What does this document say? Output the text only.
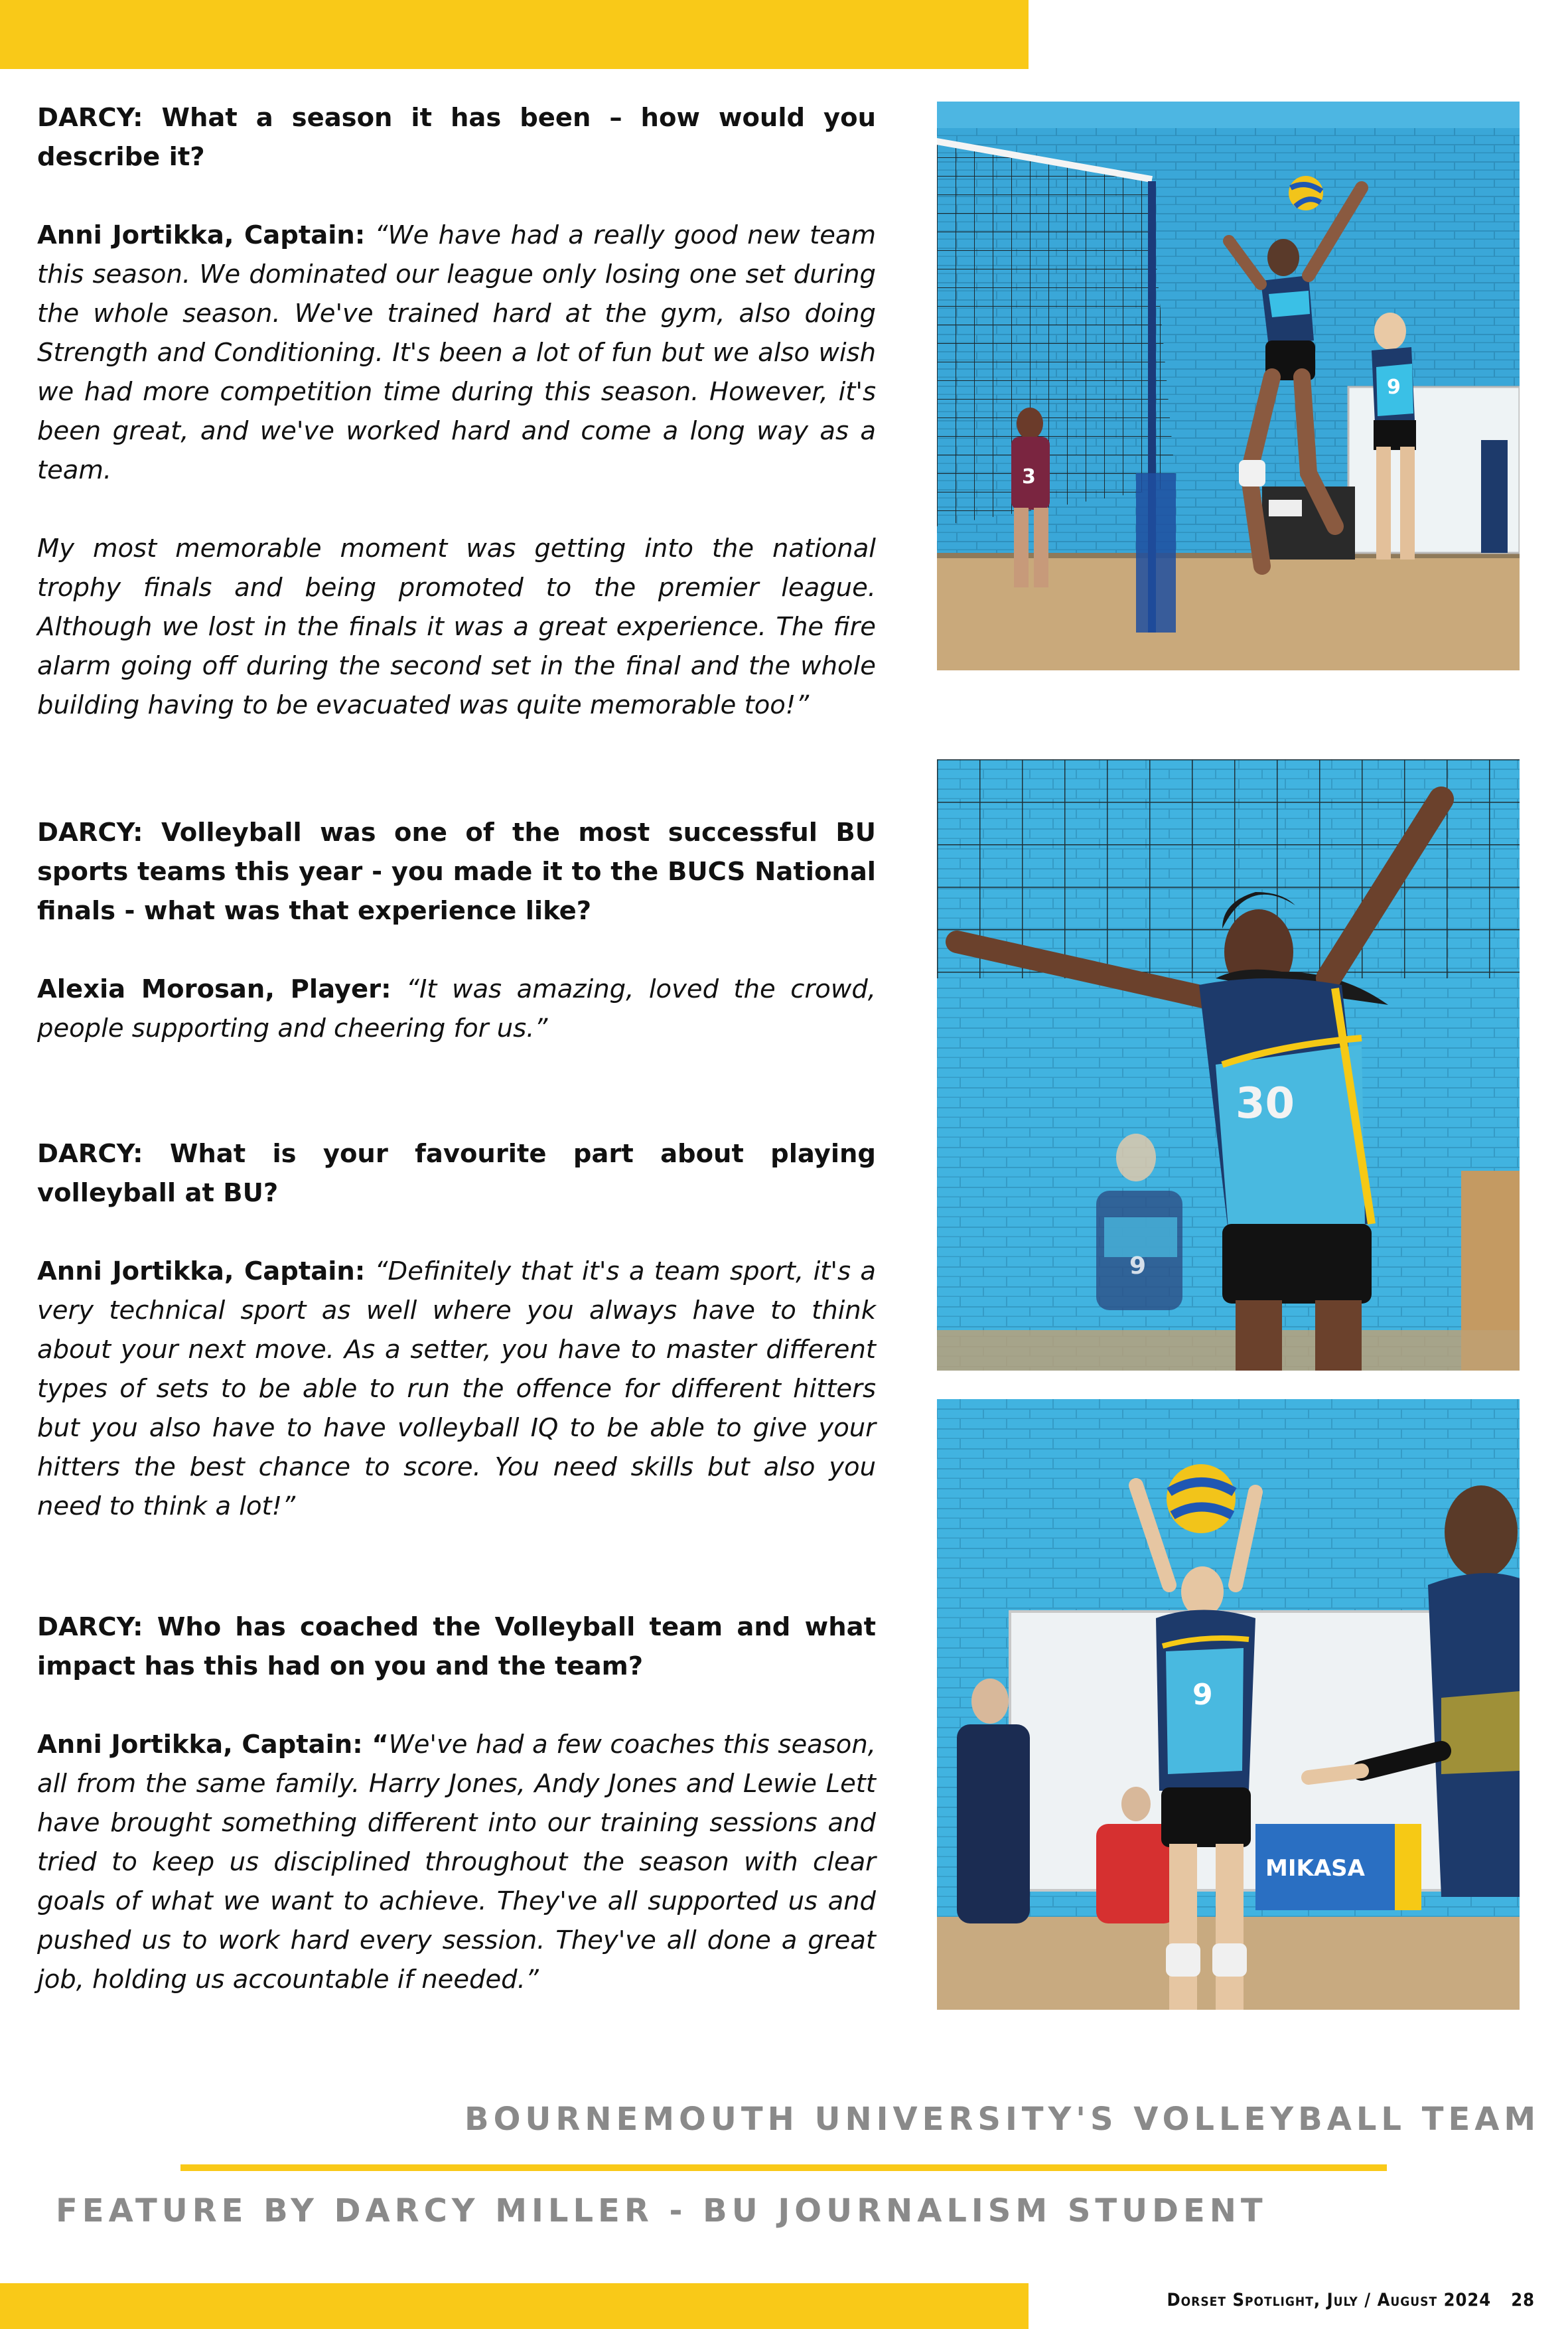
DARCY: What a season it has been – how would you describe it?

Anni Jortikka, Captain: “We have had a really good new team this season. We dominated our league only losing one set during the whole season. We've trained hard at the gym, also doing Strength and Conditioning. It's been a lot of fun but we also wish we had more competition time during this season. However, it's been great, and we've worked hard and come a long way as a team.

My most memorable moment was getting into the national trophy finals and being promoted to the premier league. Although we lost in the finals it was a great experience. The fire alarm going off during the second set in the final and the whole building having to be evacuated was quite memorable too!”

DARCY: Volleyball was one of the most successful BU sports teams this year - you made it to the BUCS National finals - what was that experience like?

Alexia Morosan, Player: “It was amazing, loved the crowd, people supporting and cheering for us.”

DARCY: What is your favourite part about playing volleyball at BU?

Anni Jortikka, Captain: “Definitely that it's a team sport, it's a very technical sport as well where you always have to think about your next move. As a setter, you have to master different types of sets to be able to run the offence for different hitters but you also have to have volleyball IQ to be able to give your hitters the best chance to score. You need skills but also you need to think a lot!”

DARCY: Who has coached the Volleyball team and what impact has this had on you and the team?

Anni Jortikka, Captain: “We've had a few coaches this season, all from the same family. Harry Jones, Andy Jones and Lewie Lett have brought something different into our training sessions and tried to keep us disciplined throughout the season with clear goals of what we want to achieve. They've all supported us and pushed us to work hard every session. They've all done a great job, holding us accountable if needed.”

3
9
9
30
MIKASA
9
BOURNEMOUTH UNIVERSITY'S VOLLEYBALL TEAM
FEATURE BY DARCY MILLER - BU JOURNALISM STUDENT
Dorset Spotlight, July / August 2024 28
